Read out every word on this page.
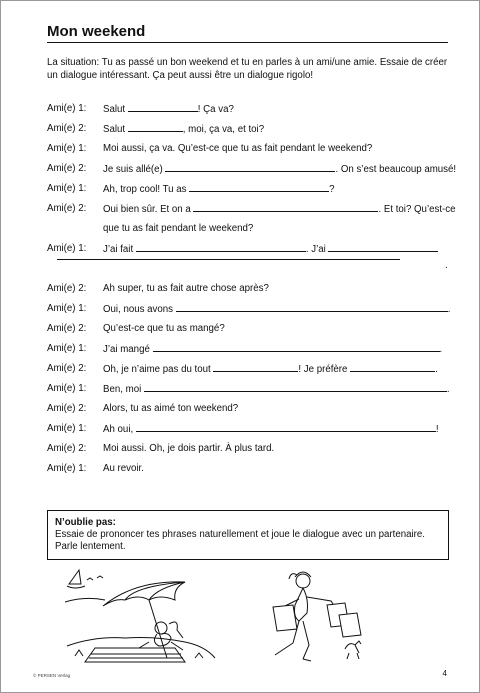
Mon weekend
La situation: Tu as passé un bon weekend et tu en parles à un ami/une amie. Essaie de créer un dialogue intéressant. Ça peut aussi être un dialogue rigolo!
Ami(e) 1:	Salut	! Ça va?
Ami(e) 2:	Salut	, moi, ça va, et toi?
Ami(e) 1:	Moi aussi, ça va. Qu’est-ce que tu as fait pendant le weekend?
Ami(e) 2:	Je suis allé(e)	. On s’est beaucoup amusé!
Ami(e) 1:	Ah, trop cool! Tu as	?
Ami(e) 2:	Oui bien sûr. Et on a	. Et toi? Qu’est-ce
que tu as fait pendant le weekend?
Ami(e) 1:	J’ai fait	. J’ai
.
Ami(e) 2:	Ah super, tu as fait autre chose après?
Ami(e) 1:	Oui, nous avons	.
Ami(e) 2:	Qu’est-ce que tu as mangé?
Ami(e) 1:	J’ai mangé	.
Ami(e) 2:	Oh, je n’aime pas du tout	! Je préfère	.
Ami(e) 1:	Ben, moi	.
Ami(e) 2:	Alors, tu as aimé ton weekend?
Ami(e) 1:	Ah oui,	!
Ami(e) 2:	Moi aussi. Oh, je dois partir. À plus tard.
Ami(e) 1:	Au revoir.
N’oublie pas:
Essaie de prononcer tes phrases naturellement et joue le dialogue avec un partenaire. Parle lentement.
© PERSEN Verlag	4
